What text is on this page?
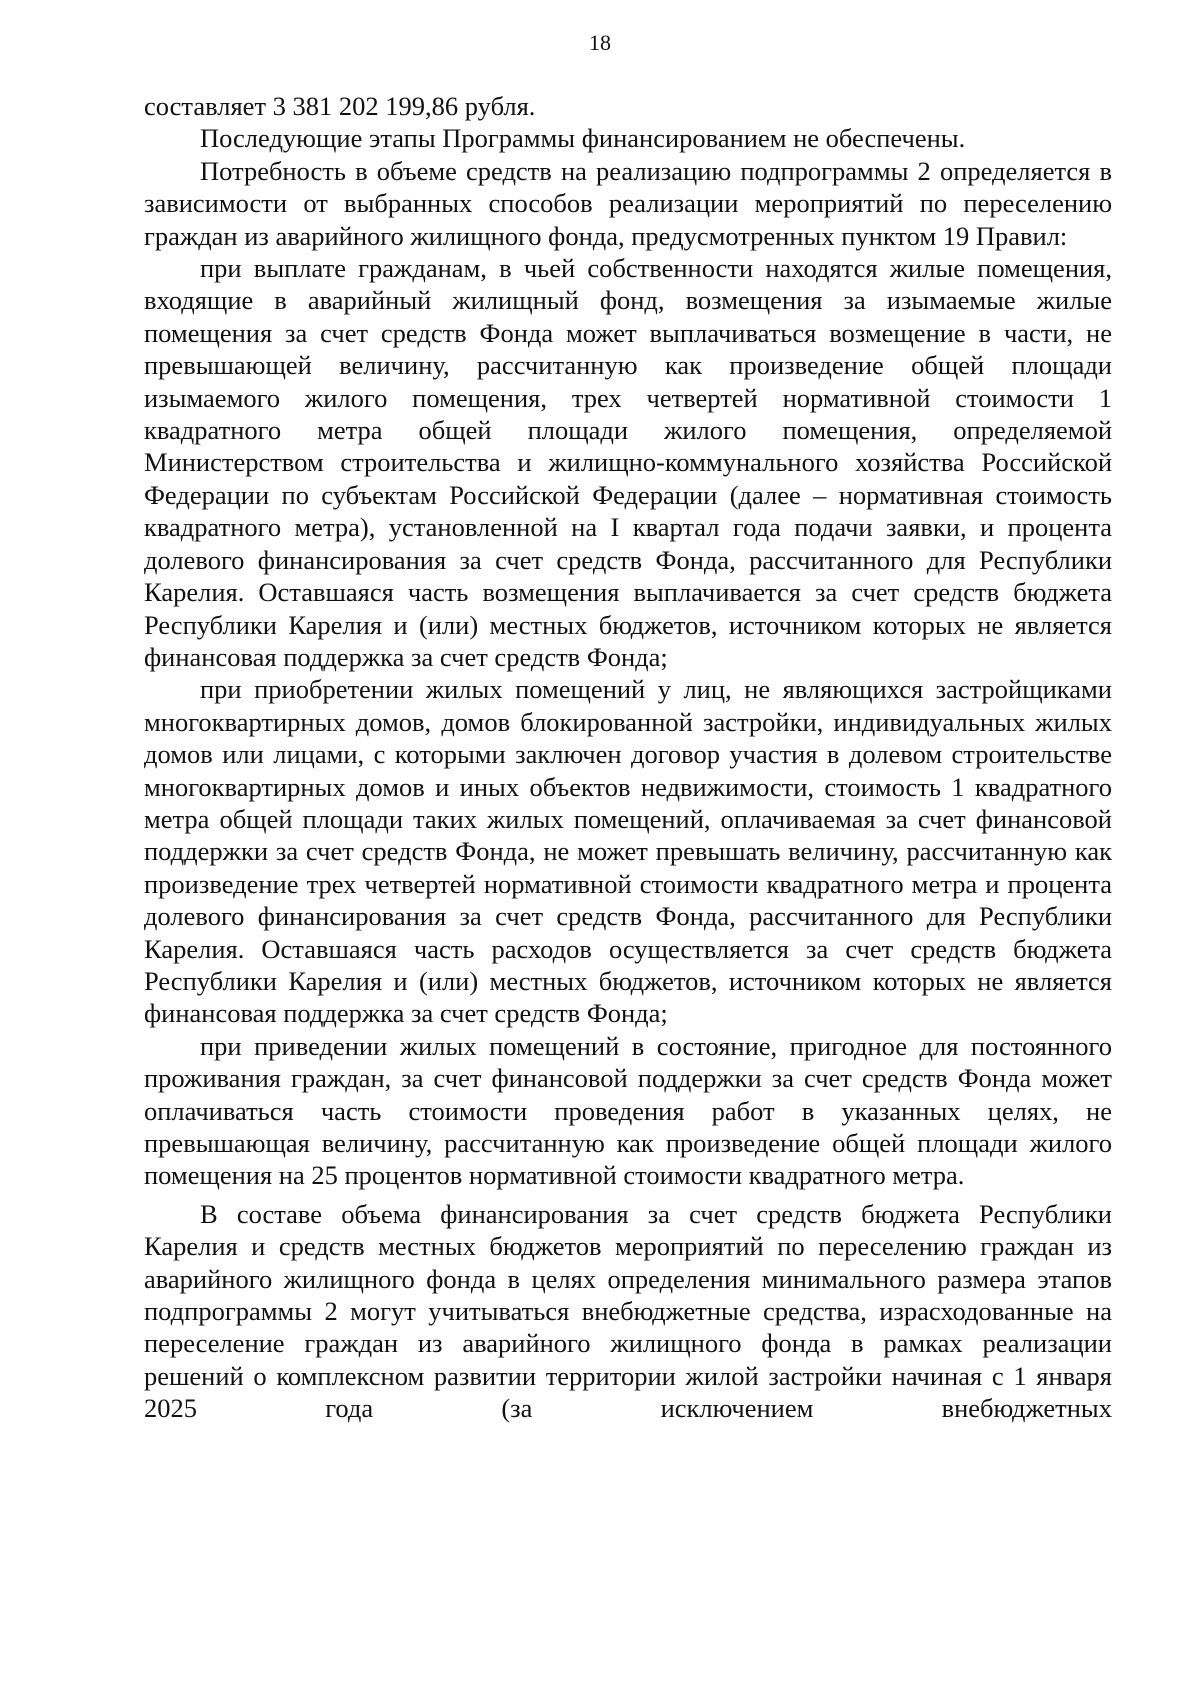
18

составляет 3 381 202 199,86 рубля.

Последующие этапы Программы финансированием не обеспечены.

Потребность в объеме средств на реализацию подпрограммы 2 определяется в зависимости от выбранных способов реализации мероприятий по переселению граждан из аварийного жилищного фонда, предусмотренных пунктом 19 Правил:

при выплате гражданам, в чьей собственности находятся жилые помещения, входящие в аварийный жилищный фонд, возмещения за изымаемые жилые помещения за счет средств Фонда может выплачиваться возмещение в части, не превышающей величину, рассчитанную как произведение общей площади изымаемого жилого помещения, трех четвертей нормативной стоимости 1 квадратного метра общей площади жилого помещения, определяемой Министерством строительства и жилищно-коммунального хозяйства Российской Федерации по субъектам Российской Федерации (далее – нормативная стоимость квадратного метра), установленной на I квартал года подачи заявки, и процента долевого финансирования за счет средств Фонда, рассчитанного для Республики Карелия. Оставшаяся часть возмещения выплачивается за счет средств бюджета Республики Карелия и (или) местных бюджетов, источником которых не является финансовая поддержка за счет средств Фонда;

при приобретении жилых помещений у лиц, не являющихся застройщиками многоквартирных домов, домов блокированной застройки, индивидуальных жилых домов или лицами, с которыми заключен договор участия в долевом строительстве многоквартирных домов и иных объектов недвижимости, стоимость 1 квадратного метра общей площади таких жилых помещений, оплачиваемая за счет финансовой поддержки за счет средств Фонда, не может превышать величину, рассчитанную как произведение трех четвертей нормативной стоимости квадратного метра и процента долевого финансирования за счет средств Фонда, рассчитанного для Республики Карелия. Оставшаяся часть расходов осуществляется за счет средств бюджета Республики Карелия и (или) местных бюджетов, источником которых не является финансовая поддержка за счет средств Фонда;

при приведении жилых помещений в состояние, пригодное для постоянного проживания граждан, за счет финансовой поддержки за счет средств Фонда может оплачиваться часть стоимости проведения работ в указанных целях, не превышающая величину, рассчитанную как произведение общей площади жилого помещения на 25 процентов нормативной стоимости квадратного метра.

В составе объема финансирования за счет средств бюджета Республики Карелия и средств местных бюджетов мероприятий по переселению граждан из аварийного жилищного фонда в целях определения минимального размера этапов подпрограммы 2 могут учитываться внебюджетные средства, израсходованные на переселение граждан из аварийного жилищного фонда в рамках реализации решений о комплексном развитии территории жилой застройки начиная с 1 января 2025 года (за исключением внебюджетных
